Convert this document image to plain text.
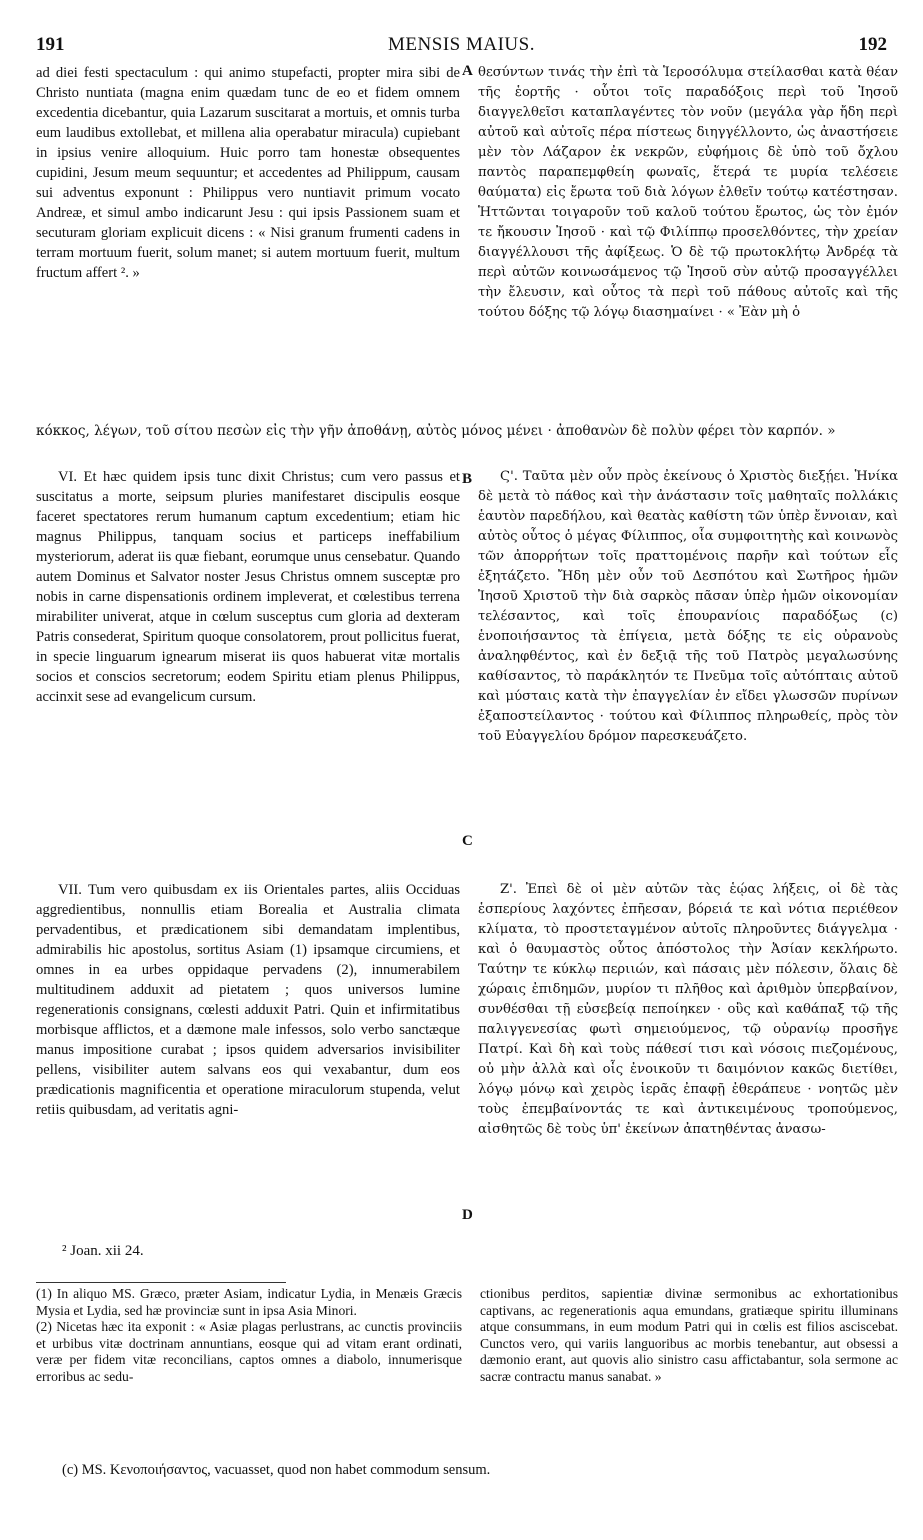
191	MENSIS MAIUS.	192

ad diei festi spectaculum : qui animo stupefacti, propter mira sibi de Christo nuntiata (magna enim quædam tunc de eo et fidem omnem excedentia dicebantur, quia Lazarum suscitarat a mortuis, et omnis turba eum laudibus extollebat, et millena alia operabatur miracula) cupiebant in ipsius venire alloquium. Huic porro tam honestæ obsequentes cupidini, Jesum meum sequuntur; et accedentes ad Philippum, causam sui adventus exponunt : Philippus vero nuntiavit primum vocato Andreæ, et simul ambo indicarunt Jesu : qui ipsis Passionem suam et secuturam gloriam explicuit dicens : « Nisi granum frumenti cadens in terram mortuum fuerit, solum manet; si autem mortuum fuerit, multum fructum affert ². »

A θεσύντων τινάς τὴν ἐπὶ τὰ Ἱεροσόλυμα στείλασθαι κατὰ θέαν τῆς ἑορτῆς · οὗτοι τοῖς παραδόξοις περὶ τοῦ Ἰησοῦ διαγγελθεῖσι καταπλαγέντες τὸν νοῦν (μεγάλα γὰρ ἤδη περὶ αὐτοῦ καὶ αὐτοῖς πέρα πίστεως διηγγέλλοντο, ὡς ἀναστήσειε μὲν τὸν Λάζαρον ἐκ νεκρῶν, εὐφήμοις δὲ ὑπὸ τοῦ ὄχλου παντὸς παραπεμφθείη φωναῖς, ἕτερά τε μυρία τελέσειε θαύματα) εἰς ἔρωτα τοῦ διὰ λόγων ἐλθεῖν τούτῳ κατέστησαν. Ἡττῶνται τοιγαροῦν τοῦ καλοῦ τούτου ἔρωτος, ὡς τὸν ἐμόν τε ἤκουσιν Ἰησοῦ · καὶ τῷ Φιλίππῳ προσελθόντες, τὴν χρείαν διαγγέλλουσι τῆς ἀφίξεως. Ὁ δὲ τῷ πρωτοκλήτῳ Ἀνδρέᾳ τὰ περὶ αὐτῶν κοινωσάμενος τῷ Ἰησοῦ σὺν αὐτῷ προσαγγέλλει τὴν ἔλευσιν, καὶ οὗτος τὰ περὶ τοῦ πάθους αὐτοῖς καὶ τῆς τούτου δόξης τῷ λόγῳ διασημαίνει · « Ἐὰν μὴ ὁ

κόκκος, λέγων, τοῦ σίτου πεσὼν εἰς τὴν γῆν ἀποθάνῃ, αὐτὸς μόνος μένει · ἀποθανὼν δὲ πολὺν φέρει τὸν καρπόν. »

VI. Et hæc quidem ipsis tunc dixit Christus; cum vero passus et suscitatus a morte, seipsum pluries manifestaret discipulis eosque faceret spectatores rerum humanum captum excedentium; etiam hic magnus Philippus, tanquam socius et particeps ineffabilium mysteriorum, aderat iis quæ fiebant, eorumque unus censebatur. Quando autem Dominus et Salvator noster Jesus Christus omnem susceptæ pro nobis in carne dispensationis ordinem impleverat, et cœlestibus terrena mirabiliter univerat, atque in cœlum susceptus cum gloria ad dexteram Patris consederat, Spiritum quoque consolatorem, prout pollicitus fuerat, in specie linguarum ignearum miserat iis quos habuerat vitæ mortalis socios et conscios secretorum; eodem Spiritu etiam plenus Philippus, accinxit sese ad evangelicum cursum.

B
C

Ϛ'. Ταῦτα μὲν οὖν πρὸς ἐκείνους ὁ Χριστὸς διεξῄει. Ἡνίκα δὲ μετὰ τὸ πάθος καὶ τὴν ἀνάστασιν τοῖς μαθηταῖς πολλάκις ἑαυτὸν παρεδήλου, καὶ θεατὰς καθίστη τῶν ὑπὲρ ἔννοιαν, καὶ αὐτὸς οὗτος ὁ μέγας Φίλιππος, οἷα συμφοιτητὴς καὶ κοινωνὸς τῶν ἀπορρήτων τοῖς πραττομένοις παρῆν καὶ τούτων εἷς ἐξητάζετο. Ἤδη μὲν οὖν τοῦ Δεσπότου καὶ Σωτῆρος ἡμῶν Ἰησοῦ Χριστοῦ τὴν διὰ σαρκὸς πᾶσαν ὑπὲρ ἡμῶν οἰκονομίαν τελέσαντος, καὶ τοῖς ἐπουρανίοις παραδόξως (c) ἑνοποιήσαντος τὰ ἐπίγεια, μετὰ δόξης τε εἰς οὐρανοὺς ἀναληφθέντος, καὶ ἐν δεξιᾷ τῆς τοῦ Πατρὸς μεγαλωσύνης καθίσαντος, τὸ παράκλητόν τε Πνεῦμα τοῖς αὐτόπταις αὐτοῦ καὶ μύσταις κατὰ τὴν ἐπαγγελίαν ἐν εἴδει γλωσσῶν πυρίνων ἐξαποστείλαντος · τούτου καὶ Φίλιππος πληρωθείς, πρὸς τὸν τοῦ Εὐαγγελίου δρόμον παρεσκευάζετο.

VII. Tum vero quibusdam ex iis Orientales partes, aliis Occiduas aggredientibus, nonnullis etiam Borealia et Australia climata pervadentibus, et prædicationem sibi demandatam implentibus, admirabilis hic apostolus, sortitus Asiam (1) ipsamque circumiens, et omnes in ea urbes oppidaque pervadens (2), innumerabilem multitudinem adduxit ad pietatem ; quos universos lumine regenerationis consignans, cœlesti adduxit Patri. Quin et infirmitatibus morbisque afflictos, et a dæmone male infessos, solo verbo sanctæque manus impositione curabat ; ipsos quidem adversarios invisibiliter pellens, visibiliter autem salvans eos qui vexabantur, dum eos prædicationis magnificentia et operatione miraculorum stupenda, velut retiis quibusdam, ad veritatis agni-

D

Ζ'. Ἐπεὶ δὲ οἱ μὲν αὐτῶν τὰς ἑῴας λήξεις, οἱ δὲ τὰς ἑσπερίους λαχόντες ἐπῆεσαν, βόρειά τε καὶ νότια περιέθεον κλίματα, τὸ προστεταγμένον αὐτοῖς πληροῦντες διάγγελμα · καὶ ὁ θαυμαστὸς οὗτος ἀπόστολος τὴν Ἀσίαν κεκλήρωτο. Ταύτην τε κύκλῳ περιιών, καὶ πάσαις μὲν πόλεσιν, ὅλαις δὲ χώραις ἐπιδημῶν, μυρίον τι πλῆθος καὶ ἀριθμὸν ὑπερβαίνον, συνθέσθαι τῇ εὐσεβείᾳ πεποίηκεν · οὓς καὶ καθάπαξ τῷ τῆς παλιγγενεσίας φωτὶ σημειούμενος, τῷ οὐρανίῳ προσῆγε Πατρί. Καὶ δὴ καὶ τοὺς πάθεσί τισι καὶ νόσοις πιεζομένους, οὐ μὴν ἀλλὰ καὶ οἷς ἐνοικοῦν τι δαιμόνιον κακῶς διετίθει, λόγῳ μόνῳ καὶ χειρὸς ἱερᾶς ἐπαφῇ ἐθεράπευε · νοητῶς μὲν τοὺς ἐπεμβαίνοντάς τε καὶ ἀντικειμένους τροπούμενος, αἰσθητῶς δὲ τοὺς ὑπ' ἐκείνων ἀπατηθέντας ἀνασω-

² Joan. xii 24.

(1) In aliquo MS. Græco, præter Asiam, indicatur Lydia, in Menæis Græcis Mysia et Lydia, sed hæ provinciæ sunt in ipsa Asia Minori.
(2) Nicetas hæc ita exponit : « Asiæ plagas perlustrans, ac cunctis provinciis et urbibus vitæ doctrinam annuntians, eosque qui ad vitam erant ordinati, veræ per fidem vitæ reconcilians, captos omnes a diabolo, innumerisque erroribus ac sedu-

ctionibus perditos, sapientiæ divinæ sermonibus ac exhortationibus captivans, ac regenerationis aqua emundans, gratiæque spiritu illuminans atque consummans, in eum modum Patri qui in cœlis est filios asciscebat. Cunctos vero, qui variis languoribus ac morbis tenebantur, aut obsessi a dæmonio erant, aut quovis alio sinistro casu affictabantur, sola sermone ac sacræ contractu manus sanabat. »

(c) MS. Κενοποιήσαντος, vacuasset, quod non habet commodum sensum.
